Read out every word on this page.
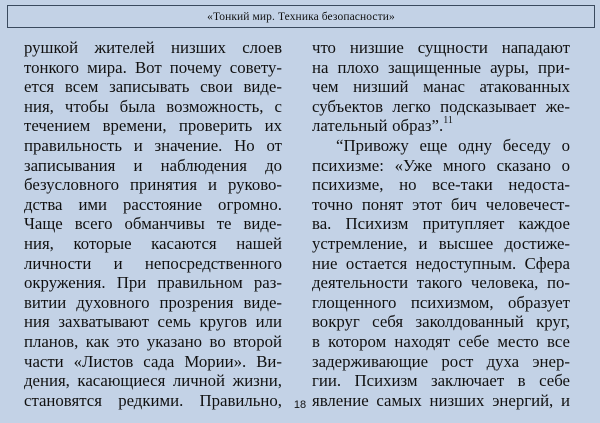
«Тонкий мир. Техника безопасности»
рушкой жителей низших слоев
тонкого мира. Вот почему совету-
ется всем записывать свои виде-
ния, чтобы была возможность, с
течением времени, проверить их
правильность и значение. Но от
записывания и наблюдения до
безусловного принятия и руково-
дства ими расстояние огромно.
Чаще всего обманчивы те виде-
ния, которые касаются нашей
личности и непосредственного
окружения. При правильном раз-
витии духовного прозрения виде-
ния захватывают семь кругов или
планов, как это указано во второй
части «Листов сада Мории». Ви-
дения, касающиеся личной жизни,
становятся редкими. Правильно,
что низшие сущности нападают
на плохо защищенные ауры, при-
чем низший манас атакованных
субъектов легко подсказывает же-
лательный образ”.$^{11}$
“Привожу еще одну беседу о
психизме: «Уже много сказано о
психизме, но все-таки недоста-
точно понят этот бич человечест-
ва. Психизм притупляет каждое
устремление, и высшее достиже-
ние остается недоступным. Сфера
деятельности такого человека, по-
глощенного психизмом, образует
вокруг себя заколдованный круг,
в котором находят себе место все
задерживающие рост духа энер-
гии. Психизм заключает в себе
явление самых низших энергий, и
18
